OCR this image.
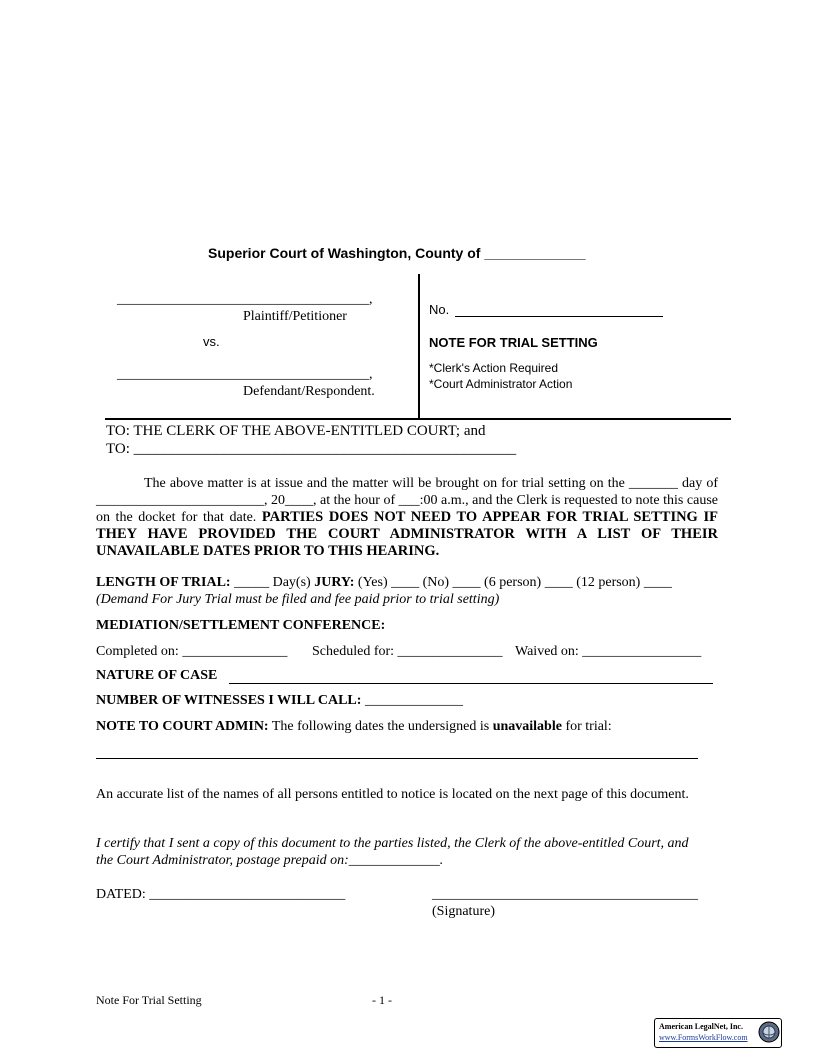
Superior Court of Washington, County of _____________
____________________________________,
Plaintiff/Petitioner
vs.
____________________________________,
Defendant/Respondent.
No.
NOTE FOR TRIAL SETTING
*Clerk's Action Required
*Court Administrator Action
TO: THE CLERK OF THE ABOVE-ENTITLED COURT; and
TO: ___________________________________________________

The above matter is at issue and the matter will be brought on for trial setting on the _______ day of ________________________, 20____, at the hour of ___:00 a.m., and the Clerk is requested to note this cause on the docket for that date. PARTIES DOES NOT NEED TO APPEAR FOR TRIAL SETTING IF THEY HAVE PROVIDED THE COURT ADMINISTRATOR WITH A LIST OF THEIR UNAVAILABLE DATES PRIOR TO THIS HEARING.

LENGTH OF TRIAL: _____ Day(s) JURY: (Yes) ____ (No) ____ (6 person) ____ (12 person) ____
(Demand For Jury Trial must be filed and fee paid prior to trial setting)
MEDIATION/SETTLEMENT CONFERENCE:
Completed on: _______________ Scheduled for: _______________ Waived on: _________________
NATURE OF CASE
NUMBER OF WITNESSES I WILL CALL: ______________
NOTE TO COURT ADMIN: The following dates the undersigned is unavailable for trial:
An accurate list of the names of all persons entitled to notice is located on the next page of this document.
I certify that I sent a copy of this document to the parties listed, the Clerk of the above-entitled Court, and
the Court Administrator, postage prepaid on:_____________.
DATED: ____________________________	______________________________________
(Signature)
Note For Trial Setting	- 1 -
American LegalNet, Inc.
www.FormsWorkFlow.com
